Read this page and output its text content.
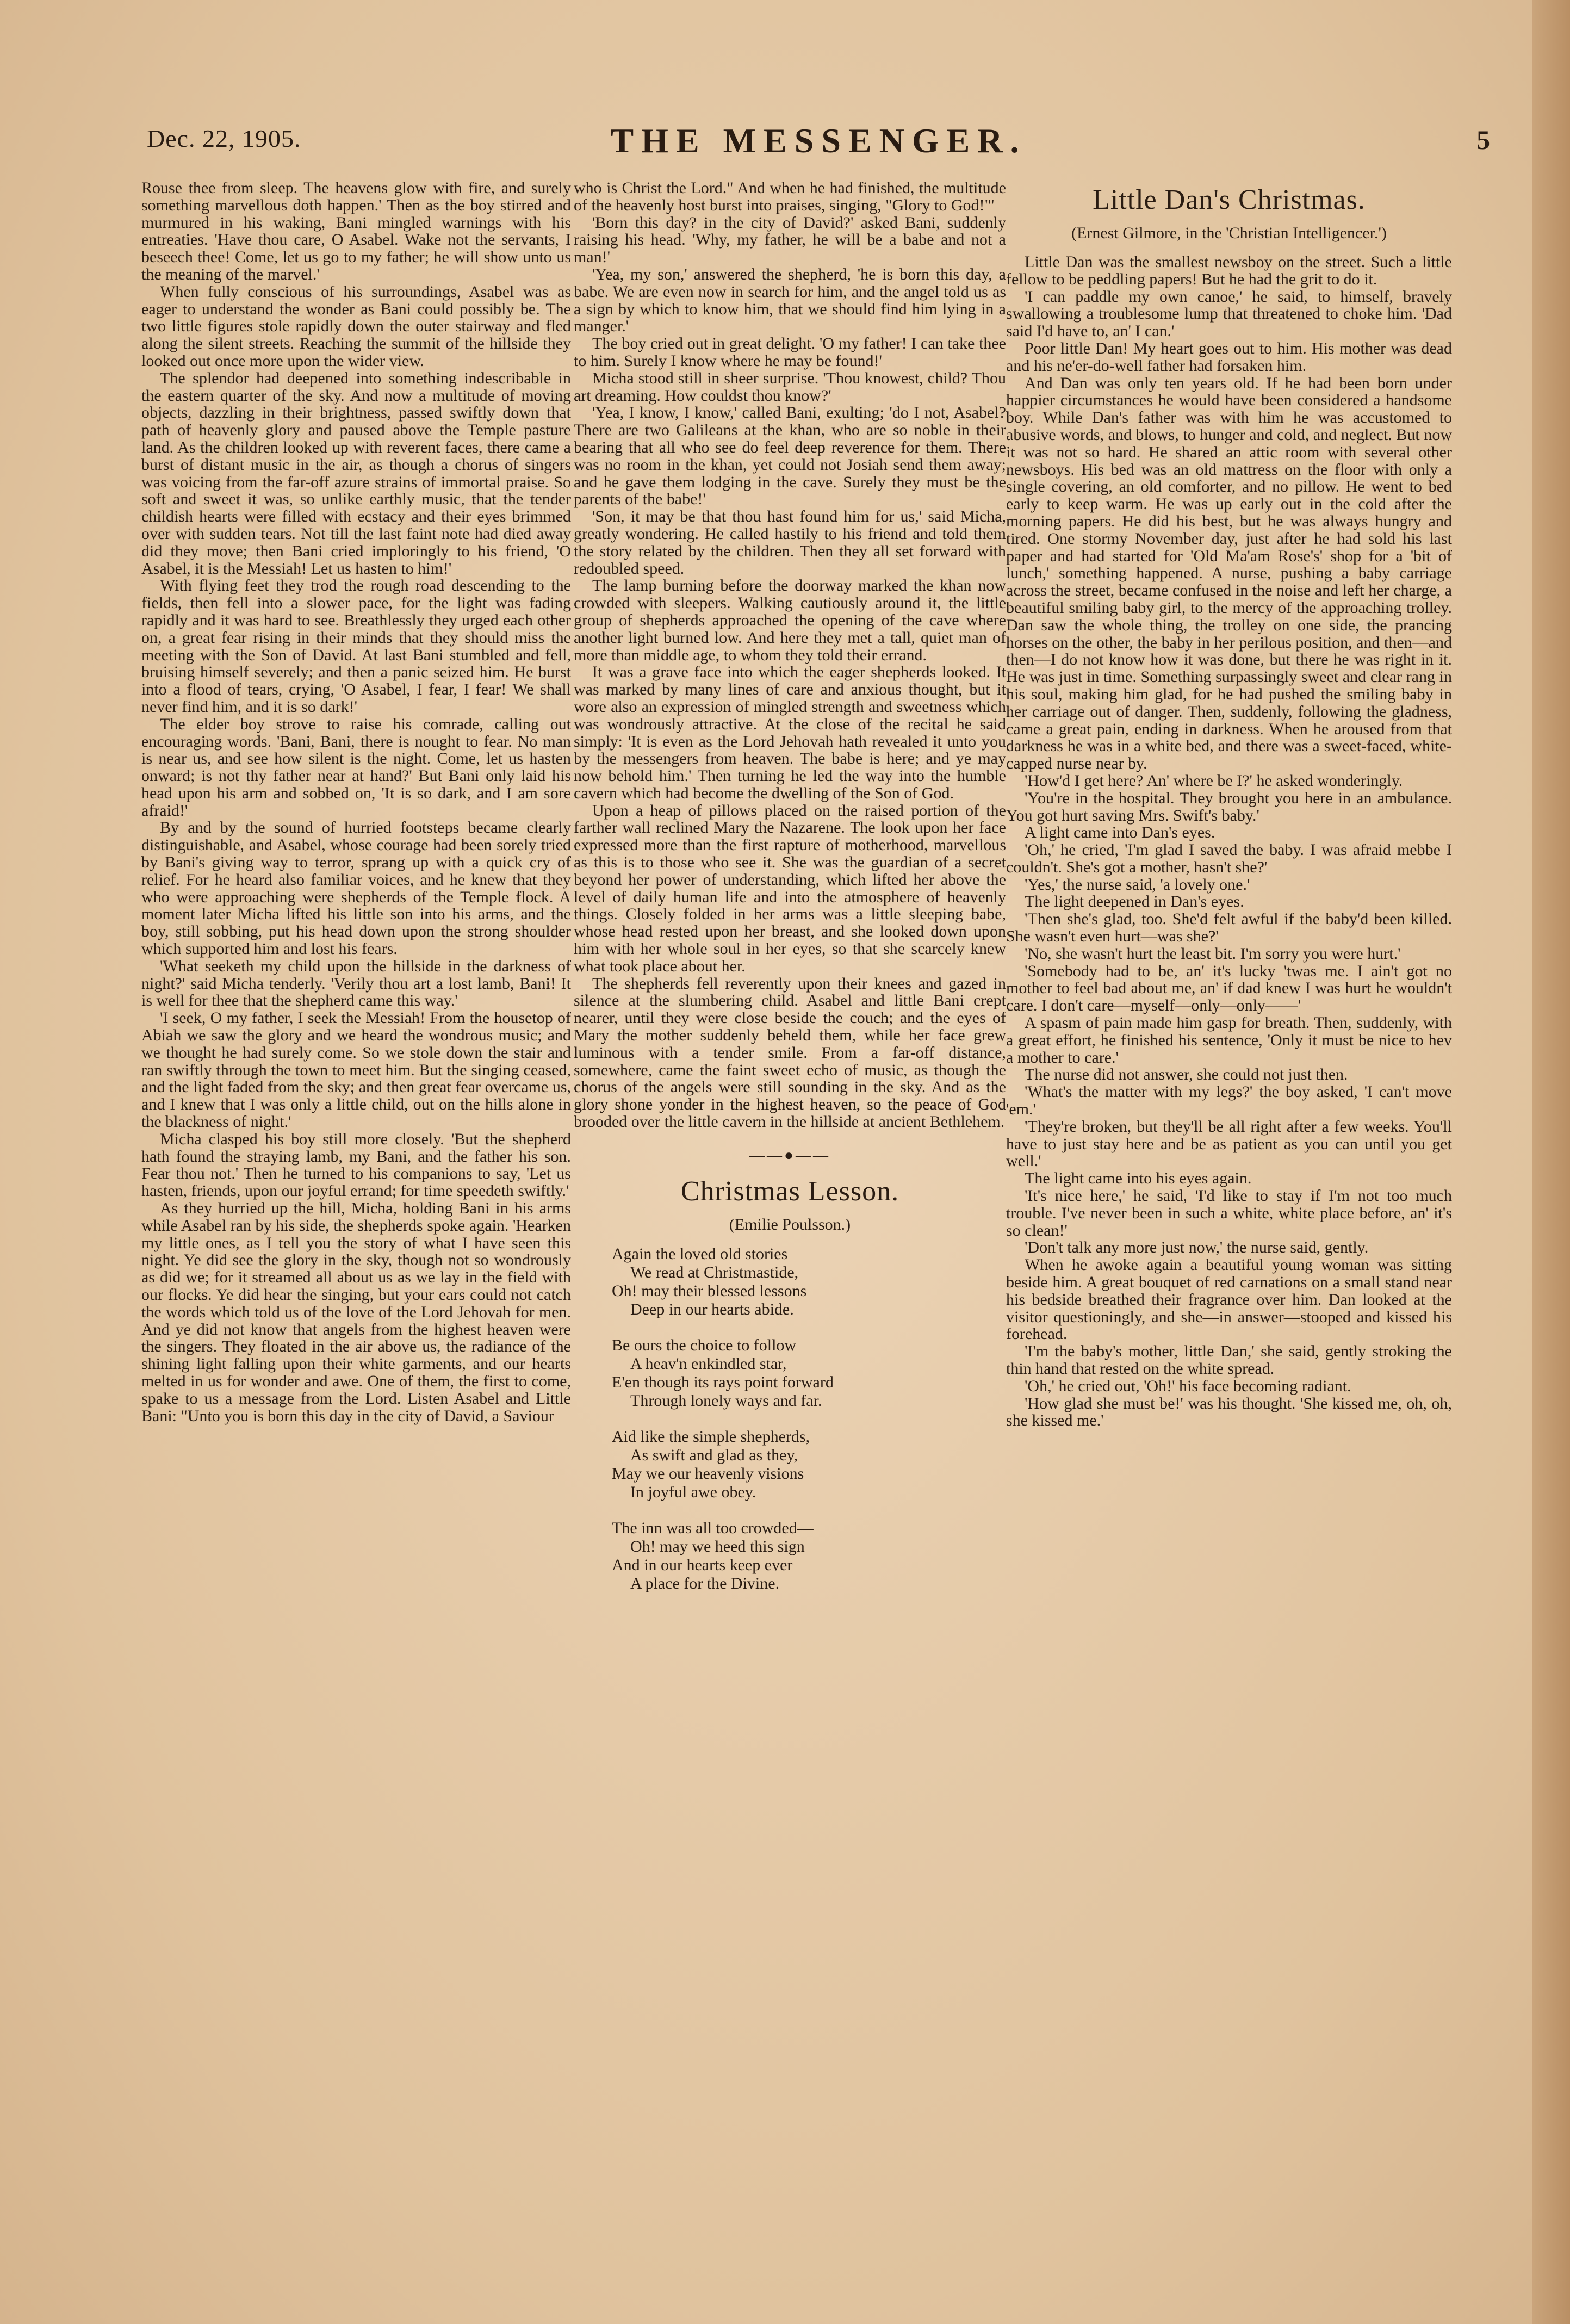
Dec. 22, 1905.	THE MESSENGER.	5

Rouse thee from sleep. The heavens glow with fire, and surely something marvellous doth happen.' Then as the boy stirred and murmured in his waking, Bani mingled warnings with his entreaties. 'Have thou care, O Asabel. Wake not the servants, I beseech thee! Come, let us go to my father; he will show unto us the meaning of the marvel.'

When fully conscious of his surroundings, Asabel was as eager to understand the wonder as Bani could possibly be. The two little figures stole rapidly down the outer stairway and fled along the silent streets. Reaching the summit of the hillside they looked out once more upon the wider view.

The splendor had deepened into something indescribable in the eastern quarter of the sky. And now a multitude of moving objects, dazzling in their brightness, passed swiftly down that path of heavenly glory and paused above the Temple pasture land. As the children looked up with reverent faces, there came a burst of distant music in the air, as though a chorus of singers was voicing from the far-off azure strains of immortal praise. So soft and sweet it was, so unlike earthly music, that the tender childish hearts were filled with ecstacy and their eyes brimmed over with sudden tears. Not till the last faint note had died away did they move; then Bani cried imploringly to his friend, 'O Asabel, it is the Messiah! Let us hasten to him!'

With flying feet they trod the rough road descending to the fields, then fell into a slower pace, for the light was fading rapidly and it was hard to see. Breathlessly they urged each other on, a great fear rising in their minds that they should miss the meeting with the Son of David. At last Bani stumbled and fell, bruising himself severely; and then a panic seized him. He burst into a flood of tears, crying, 'O Asabel, I fear, I fear! We shall never find him, and it is so dark!'

The elder boy strove to raise his comrade, calling out encouraging words. 'Bani, Bani, there is nought to fear. No man is near us, and see how silent is the night. Come, let us hasten onward; is not thy father near at hand?' But Bani only laid his head upon his arm and sobbed on, 'It is so dark, and I am sore afraid!'

By and by the sound of hurried footsteps became clearly distinguishable, and Asabel, whose courage had been sorely tried by Bani's giving way to terror, sprang up with a quick cry of relief. For he heard also familiar voices, and he knew that they who were approaching were shepherds of the Temple flock. A moment later Micha lifted his little son into his arms, and the boy, still sobbing, put his head down upon the strong shoulder which supported him and lost his fears.

'What seeketh my child upon the hillside in the darkness of night?' said Micha tenderly. 'Verily thou art a lost lamb, Bani! It is well for thee that the shepherd came this way.'

'I seek, O my father, I seek the Messiah! From the housetop of Abiah we saw the glory and we heard the wondrous music; and we thought he had surely come. So we stole down the stair and ran swiftly through the town to meet him. But the singing ceased, and the light faded from the sky; and then great fear overcame us, and I knew that I was only a little child, out on the hills alone in the blackness of night.'

Micha clasped his boy still more closely. 'But the shepherd hath found the straying lamb, my Bani, and the father his son. Fear thou not.' Then he turned to his companions to say, 'Let us hasten, friends, upon our joyful errand; for time speedeth swiftly.'

As they hurried up the hill, Micha, holding Bani in his arms while Asabel ran by his side, the shepherds spoke again. 'Hearken my little ones, as I tell you the story of what I have seen this night. Ye did see the glory in the sky, though not so wondrously as did we; for it streamed all about us as we lay in the field with our flocks. Ye did hear the singing, but your ears could not catch the words which told us of the love of the Lord Jehovah for men. And ye did not know that angels from the highest heaven were the singers. They floated in the air above us, the radiance of the shining light falling upon their white garments, and our hearts melted in us for wonder and awe. One of them, the first to come, spake to us a message from the Lord. Listen Asabel and Little Bani: "Unto you is born this day in the city of David, a Saviour

who is Christ the Lord." And when he had finished, the multitude of the heavenly host burst into praises, singing, "Glory to God!"'

'Born this day? in the city of David?' asked Bani, suddenly raising his head. 'Why, my father, he will be a babe and not a man!'

'Yea, my son,' answered the shepherd, 'he is born this day, a babe. We are even now in search for him, and the angel told us as a sign by which to know him, that we should find him lying in a manger.'

The boy cried out in great delight. 'O my father! I can take thee to him. Surely I know where he may be found!'

Micha stood still in sheer surprise. 'Thou knowest, child? Thou art dreaming. How couldst thou know?'

'Yea, I know, I know,' called Bani, exulting; 'do I not, Asabel? There are two Galileans at the khan, who are so noble in their bearing that all who see do feel deep reverence for them. There was no room in the khan, yet could not Josiah send them away; and he gave them lodging in the cave. Surely they must be the parents of the babe!'

'Son, it may be that thou hast found him for us,' said Micha, greatly wondering. He called hastily to his friend and told them the story related by the children. Then they all set forward with redoubled speed.

The lamp burning before the doorway marked the khan now crowded with sleepers. Walking cautiously around it, the little group of shepherds approached the opening of the cave where another light burned low. And here they met a tall, quiet man of more than middle age, to whom they told their errand.

It was a grave face into which the eager shepherds looked. It was marked by many lines of care and anxious thought, but it wore also an expression of mingled strength and sweetness which was wondrously attractive. At the close of the recital he said simply: 'It is even as the Lord Jehovah hath revealed it unto you by the messengers from heaven. The babe is here; and ye may now behold him.' Then turning he led the way into the humble cavern which had become the dwelling of the Son of God.

Upon a heap of pillows placed on the raised portion of the farther wall reclined Mary the Nazarene. The look upon her face expressed more than the first rapture of motherhood, marvellous as this is to those who see it. She was the guardian of a secret beyond her power of understanding, which lifted her above the level of daily human life and into the atmosphere of heavenly things. Closely folded in her arms was a little sleeping babe, whose head rested upon her breast, and she looked down upon him with her whole soul in her eyes, so that she scarcely knew what took place about her.

The shepherds fell reverently upon their knees and gazed in silence at the slumbering child. Asabel and little Bani crept nearer, until they were close beside the couch; and the eyes of Mary the mother suddenly beheld them, while her face grew luminous with a tender smile. From a far-off distance, somewhere, came the faint sweet echo of music, as though the chorus of the angels were still sounding in the sky. And as the glory shone yonder in the highest heaven, so the peace of God brooded over the little cavern in the hillside at ancient Bethlehem.

——●——
Christmas Lesson.
(Emilie Poulsson.)
Again the loved old stories
We read at Christmastide,
Oh! may their blessed lessons
Deep in our hearts abide.
Be ours the choice to follow
A heav'n enkindled star,
E'en though its rays point forward
Through lonely ways and far.
Aid like the simple shepherds,
As swift and glad as they,
May we our heavenly visions
In joyful awe obey.
The inn was all too crowded—
Oh! may we heed this sign
And in our hearts keep ever
A place for the Divine.
Little Dan's Christmas.
(Ernest Gilmore, in the 'Christian Intelligencer.')

Little Dan was the smallest newsboy on the street. Such a little fellow to be peddling papers! But he had the grit to do it.

'I can paddle my own canoe,' he said, to himself, bravely swallowing a troublesome lump that threatened to choke him. 'Dad said I'd have to, an' I can.'

Poor little Dan! My heart goes out to him. His mother was dead and his ne'er-do-well father had forsaken him.

And Dan was only ten years old. If he had been born under happier circumstances he would have been considered a handsome boy. While Dan's father was with him he was accustomed to abusive words, and blows, to hunger and cold, and neglect. But now it was not so hard. He shared an attic room with several other newsboys. His bed was an old mattress on the floor with only a single covering, an old comforter, and no pillow. He went to bed early to keep warm. He was up early out in the cold after the morning papers. He did his best, but he was always hungry and tired. One stormy November day, just after he had sold his last paper and had started for 'Old Ma'am Rose's' shop for a 'bit of lunch,' something happened. A nurse, pushing a baby carriage across the street, became confused in the noise and left her charge, a beautiful smiling baby girl, to the mercy of the approaching trolley. Dan saw the whole thing, the trolley on one side, the prancing horses on the other, the baby in her perilous position, and then—and then—I do not know how it was done, but there he was right in it. He was just in time. Something surpassingly sweet and clear rang in his soul, making him glad, for he had pushed the smiling baby in her carriage out of danger. Then, suddenly, following the gladness, came a great pain, ending in darkness. When he aroused from that darkness he was in a white bed, and there was a sweet-faced, white-capped nurse near by.

'How'd I get here? An' where be I?' he asked wonderingly.

'You're in the hospital. They brought you here in an ambulance. You got hurt saving Mrs. Swift's baby.'

A light came into Dan's eyes.

'Oh,' he cried, 'I'm glad I saved the baby. I was afraid mebbe I couldn't. She's got a mother, hasn't she?'

'Yes,' the nurse said, 'a lovely one.'

The light deepened in Dan's eyes.

'Then she's glad, too. She'd felt awful if the baby'd been killed. She wasn't even hurt—was she?'

'No, she wasn't hurt the least bit. I'm sorry you were hurt.'

'Somebody had to be, an' it's lucky 'twas me. I ain't got no mother to feel bad about me, an' if dad knew I was hurt he wouldn't care. I don't care—myself—only—only——'

A spasm of pain made him gasp for breath. Then, suddenly, with a great effort, he finished his sentence, 'Only it must be nice to hev a mother to care.'

The nurse did not answer, she could not just then.

'What's the matter with my legs?' the boy asked, 'I can't move 'em.'

'They're broken, but they'll be all right after a few weeks. You'll have to just stay here and be as patient as you can until you get well.'

The light came into his eyes again.

'It's nice here,' he said, 'I'd like to stay if I'm not too much trouble. I've never been in such a white, white place before, an' it's so clean!'

'Don't talk any more just now,' the nurse said, gently.

When he awoke again a beautiful young woman was sitting beside him. A great bouquet of red carnations on a small stand near his bedside breathed their fragrance over him. Dan looked at the visitor questioningly, and she—in answer—stooped and kissed his forehead.

'I'm the baby's mother, little Dan,' she said, gently stroking the thin hand that rested on the white spread.

'Oh,' he cried out, 'Oh!' his face becoming radiant.

'How glad she must be!' was his thought. 'She kissed me, oh, oh, she kissed me.'
